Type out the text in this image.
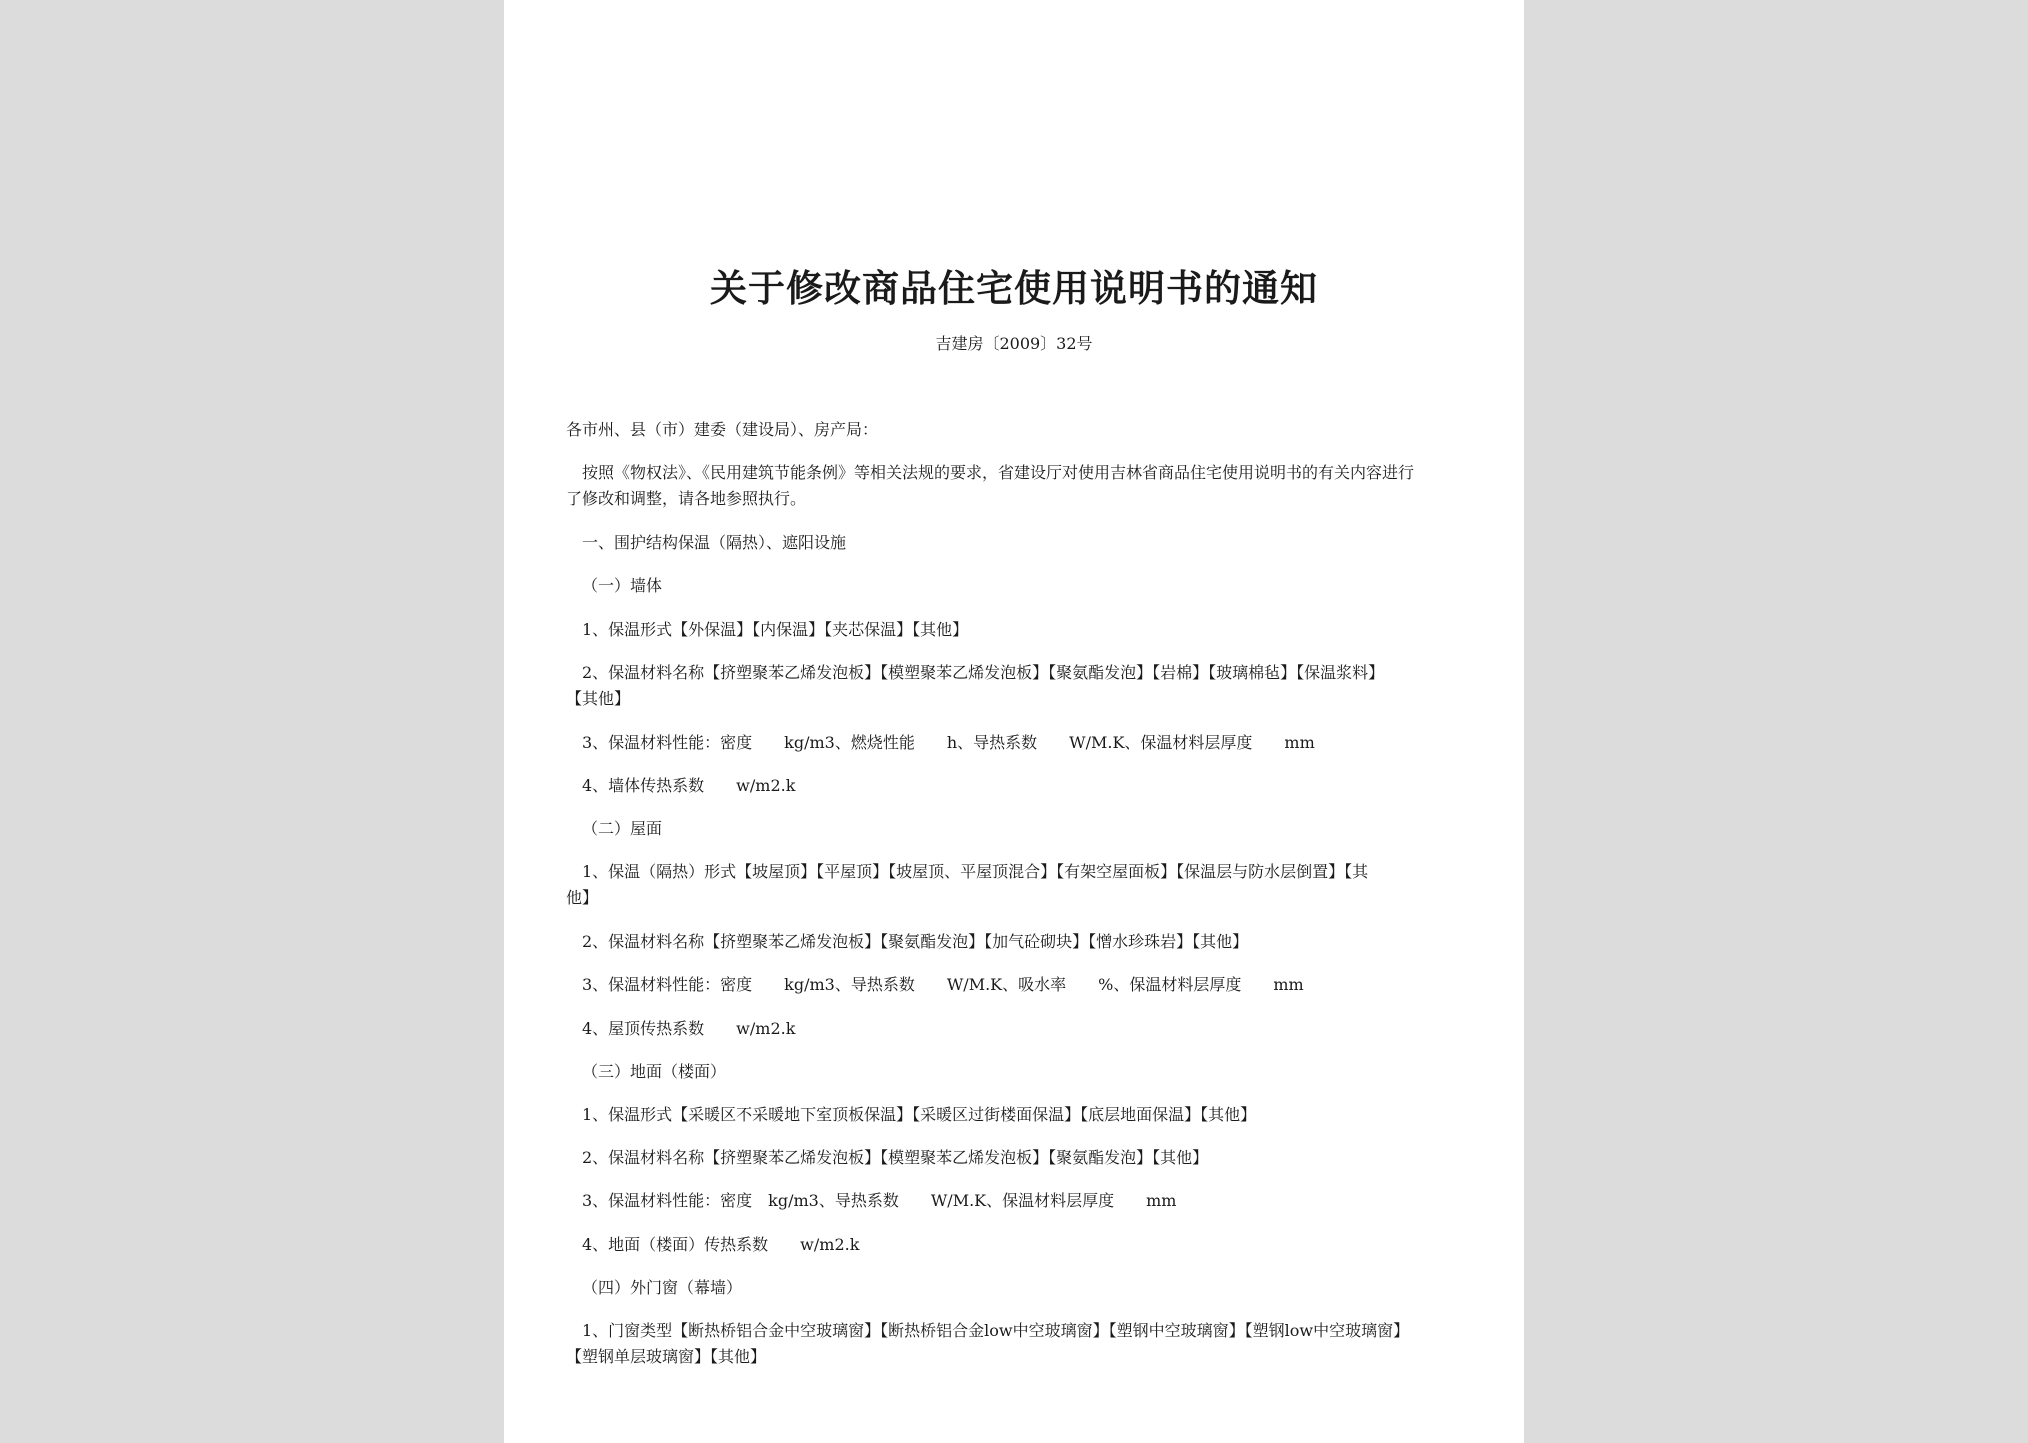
关于修改商品住宅使用说明书的通知
吉建房〔2009〕32号
各市州、县（市）建委（建设局）、房产局：
按照《物权法》、《民用建筑节能条例》等相关法规的要求，省建设厅对使用吉林省商品住宅使用说明书的有关内容进行
了修改和调整，请各地参照执行。
一、围护结构保温（隔热）、遮阳设施
（一）墙体
1、保温形式【外保温】【内保温】【夹芯保温】【其他】
2、保温材料名称【挤塑聚苯乙烯发泡板】【模塑聚苯乙烯发泡板】【聚氨酯发泡】【岩棉】【玻璃棉毡】【保温浆料】
【其他】
3、保温材料性能：密度　　kg/m3、燃烧性能　　h、导热系数　　W/M.K、保温材料层厚度　　mm
4、墙体传热系数　　w/m2.k
（二）屋面
1、保温（隔热）形式【坡屋顶】【平屋顶】【坡屋顶、平屋顶混合】【有架空屋面板】【保温层与防水层倒置】【其
他】
2、保温材料名称【挤塑聚苯乙烯发泡板】【聚氨酯发泡】【加气砼砌块】【憎水珍珠岩】【其他】
3、保温材料性能：密度　　kg/m3、导热系数　　W/M.K、吸水率　　%、保温材料层厚度　　mm
4、屋顶传热系数　　w/m2.k
（三）地面（楼面）
1、保温形式【采暖区不采暖地下室顶板保温】【采暖区过街楼面保温】【底层地面保温】【其他】
2、保温材料名称【挤塑聚苯乙烯发泡板】【模塑聚苯乙烯发泡板】【聚氨酯发泡】【其他】
3、保温材料性能：密度　kg/m3、导热系数　　W/M.K、保温材料层厚度　　mm
4、地面（楼面）传热系数　　w/m2.k
（四）外门窗（幕墙）
1、门窗类型【断热桥铝合金中空玻璃窗】【断热桥铝合金low中空玻璃窗】【塑钢中空玻璃窗】【塑钢low中空玻璃窗】
【塑钢单层玻璃窗】【其他】
